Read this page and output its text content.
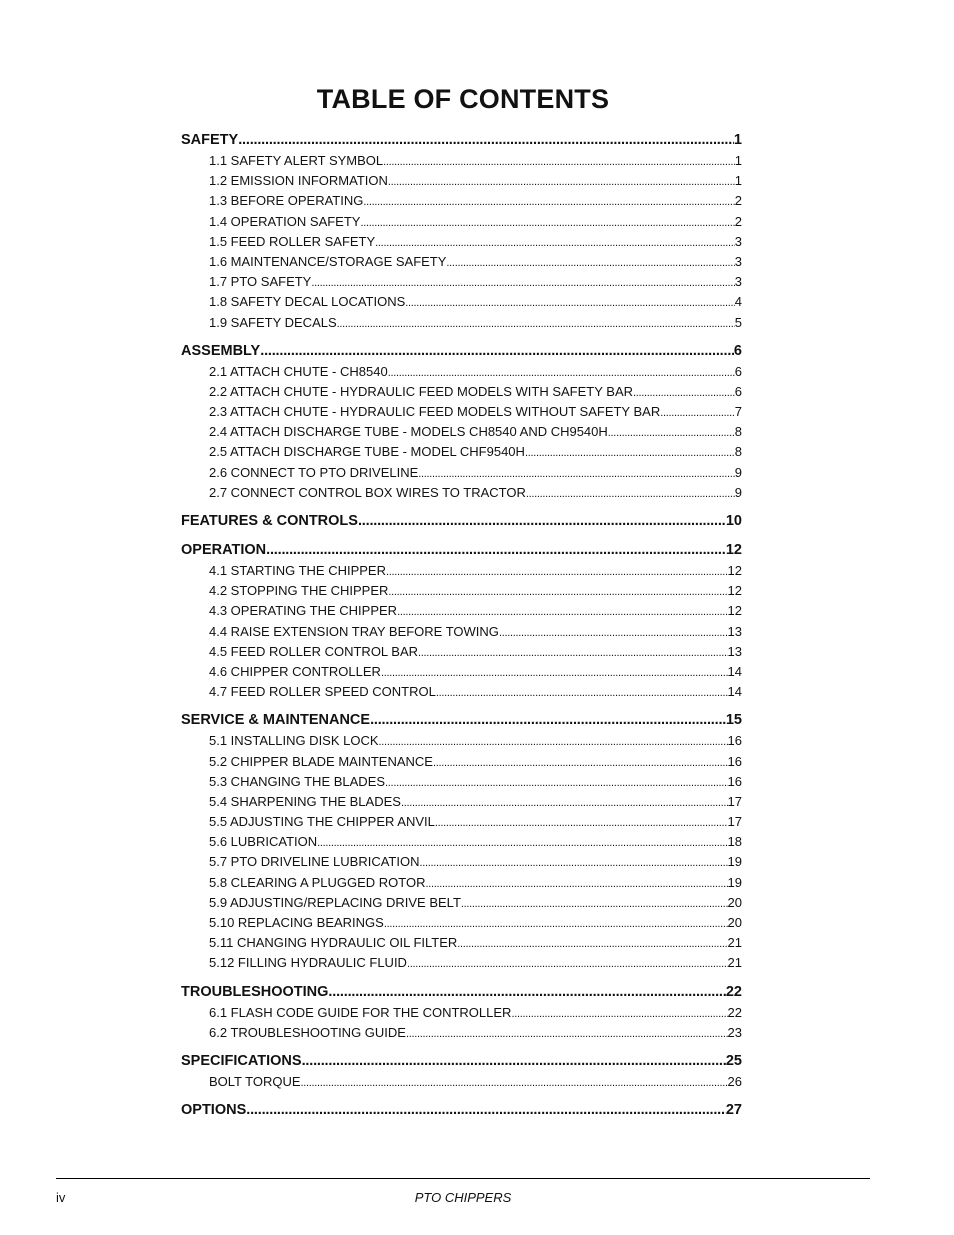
TABLE OF CONTENTS
SAFETY .....	1
1.1 SAFETY ALERT SYMBOL .....	1
1.2 EMISSION INFORMATION .....	1
1.3 BEFORE OPERATING .....	2
1.4 OPERATION SAFETY .....	2
1.5 FEED ROLLER SAFETY .....	3
1.6 MAINTENANCE/STORAGE SAFETY .....	3
1.7 PTO SAFETY .....	3
1.8 SAFETY DECAL LOCATIONS .....	4
1.9 SAFETY DECALS .....	5
ASSEMBLY .....	6
2.1 ATTACH CHUTE - CH8540 .....	6
2.2 ATTACH CHUTE - HYDRAULIC FEED MODELS WITH SAFETY BAR .....	6
2.3 ATTACH CHUTE - HYDRAULIC FEED MODELS WITHOUT SAFETY BAR .....	7
2.4 ATTACH DISCHARGE TUBE - MODELS CH8540 AND CH9540H .....	8
2.5 ATTACH DISCHARGE TUBE - MODEL CHF9540H .....	8
2.6 CONNECT TO PTO DRIVELINE .....	9
2.7 CONNECT CONTROL BOX WIRES TO TRACTOR .....	9
FEATURES & CONTROLS .....	10
OPERATION .....	12
4.1 STARTING THE CHIPPER .....	12
4.2 STOPPING THE CHIPPER .....	12
4.3 OPERATING THE CHIPPER .....	12
4.4 RAISE EXTENSION TRAY BEFORE TOWING .....	13
4.5 FEED ROLLER CONTROL BAR .....	13
4.6 CHIPPER CONTROLLER .....	14
4.7 FEED ROLLER SPEED CONTROL .....	14
SERVICE & MAINTENANCE .....	15
5.1 INSTALLING DISK LOCK .....	16
5.2 CHIPPER BLADE MAINTENANCE .....	16
5.3 CHANGING THE BLADES .....	16
5.4 SHARPENING THE BLADES .....	17
5.5 ADJUSTING THE CHIPPER ANVIL .....	17
5.6 LUBRICATION .....	18
5.7 PTO DRIVELINE LUBRICATION .....	19
5.8 CLEARING A PLUGGED ROTOR .....	19
5.9 ADJUSTING/REPLACING DRIVE BELT .....	20
5.10 REPLACING BEARINGS .....	20
5.11 CHANGING HYDRAULIC OIL FILTER .....	21
5.12 FILLING HYDRAULIC FLUID .....	21
TROUBLESHOOTING .....	22
6.1 FLASH CODE GUIDE FOR THE CONTROLLER .....	22
6.2 TROUBLESHOOTING GUIDE .....	23
SPECIFICATIONS .....	25
BOLT TORQUE .....	26
OPTIONS .....	27
iv	PTO CHIPPERS
